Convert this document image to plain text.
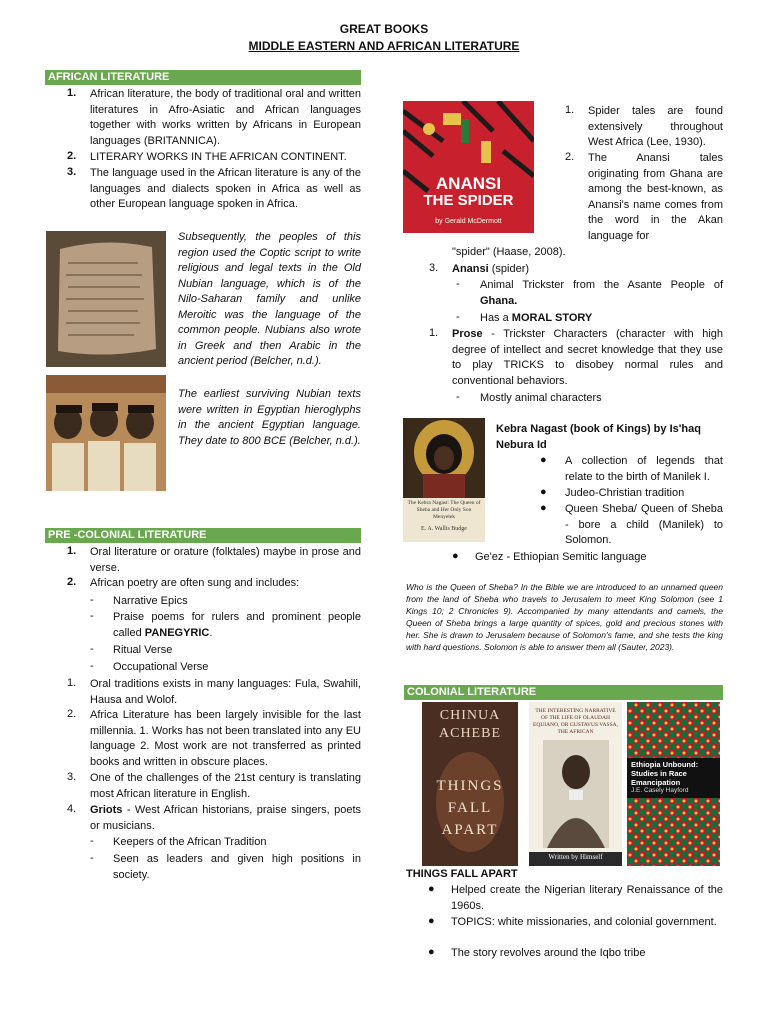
GREAT BOOKS
MIDDLE EASTERN AND AFRICAN LITERATURE
AFRICAN LITERATURE
1. African literature, the body of traditional oral and written literatures in Afro-Asiatic and African languages together with works written by Africans in European languages (BRITANNICA).
2. LITERARY WORKS IN THE AFRICAN CONTINENT.
3. The language used in the African literature is any of the languages and dialects spoken in Africa as well as other European language spoken in Africa.
Subsequently, the peoples of this region used the Coptic script to write religious and legal texts in the Old Nubian language, which is of the Nilo-Saharan family and unlike Meroitic was the language of the common people. Nubians also wrote in Greek and then Arabic in the ancient period (Belcher, n.d.).
The earliest surviving Nubian texts were written in Egyptian hieroglyphs in the ancient Egyptian language. They date to 800 BCE (Belcher, n.d.).
PRE -COLONIAL LITERATURE
1. Oral literature or orature (folktales) maybe in prose and verse.
2. African poetry are often sung and includes:
- Narrative Epics
- Praise poems for rulers and prominent people called PANEGYRIC.
- Ritual Verse
- Occupational Verse
1. Oral traditions exists in many languages: Fula, Swahili, Hausa and Wolof.
2. Africa Literature has been largely invisible for the last millennia. 1. Works has not been translated into any EU language 2. Most work are not transferred as printed books and written in obscure places.
3. One of the challenges of the 21st century is translating most African literature in English.
4. Griots - West African historians, praise singers, poets or musicians.
- Keepers of the African Tradition
- Seen as leaders and given high positions in society.
ANANSI
THE SPIDER
by Gerald McDermott
1. Spider tales are found extensively throughout West Africa (Lee, 1930).
2. The Anansi tales originating from Ghana are among the best-known, as Anansi's name comes from the word in the Akan language for
"spider" (Haase, 2008).
3. Anansi (spider)
- Animal Trickster from the Asante People of Ghana.
- Has a MORAL STORY
1. Prose - Trickster Characters (character with high degree of intellect and secret knowledge that they use to play TRICKS to disobey normal rules and conventional behaviors.
- Mostly animal characters
The Kebra Nagast: The Queen of Sheba and Her Only Son Menyelek
E. A. Wallis Budge
Kebra Nagast (book of Kings) by Is'haq Nebura Id
● A collection of legends that relate to the birth of Manilek I.
● Judeo-Christian tradition
● Queen Sheba/ Queen of Sheba - bore a child (Manilek) to Solomon.
● Ge'ez - Ethiopian Semitic language
Who is the Queen of Sheba? In the Bible we are introduced to an unnamed queen from the land of Sheba who travels to Jerusalem to meet King Solomon (see 1 Kings 10; 2 Chronicles 9). Accompanied by many attendants and camels, the Queen of Sheba brings a large quantity of spices, gold and precious stones with her. She is drawn to Jerusalem because of Solomon's fame, and she tests the king with hard questions. Solomon is able to answer them all (Sauter, 2023).
COLONIAL LITERATURE
CHINUA
ACHEBE
THINGS
FALL
APART
THE INTERESTING NARRATIVE OF THE LIFE OF OLAUDAH EQUIANO, OR GUSTAVUS VASSA, THE AFRICAN
Written by Himself
Ethiopia Unbound: Studies in Race Emancipation
J.E. Casely Hayford
THINGS FALL APART
● Helped create the Nigerian literary Renaissance of the 1960s.
● TOPICS: white missionaries, and colonial government.
● The story revolves around the Iqbo tribe
